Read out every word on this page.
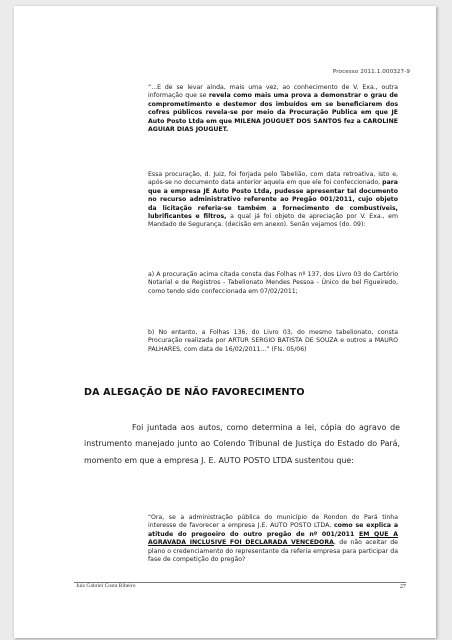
Processo 2011.1.000327-9
“...E de se levar ainda, mais uma vez, ao conhecimento de V. Exa., outra informação que se revela como mais uma prova a demonstrar o grau de comprometimento e destemor dos imbuídos em se beneficiarem dos cofres públicos revela-se por meio da Procuração Publica em que JE Auto Posto Ltda em que MILENA JOUGUET DOS SANTOS fez a CAROLINE AGUIAR DIAS JOUGUET.
Essa procuração, d. Juiz, foi forjada pelo Tabelião, com data retroativa, isto e, após-se no documento data anterior aquela em que ele foi confeccionado, para que a empresa JE Auto Posto Ltda, pudesse apresentar tal documento no recurso administrativo referente ao Pregão 001/2011, cujo objeto da licitação referia-se também a fornecimento de combustíveis, lubrificantes e filtros, a qual já foi objeto de apreciação por V. Exa., em Mandado de Segurança. (decisão em anexo). Senão vejamos (do. 09):
a) A procuração acima citada consta das Folhas nº 137, dos Livro 03 do Cartório Notarial e de Registros - Tabelionato Mendes Pessoa - Único de bel Figueiredo, como tendo sido confeccionada em 07/02/2011;
b) No entanto, a Folhas 136, do Livro 03, do mesmo tabelionato, consta Procuração realizada por ARTUR SERGIO BATISTA DE SOUZA e outros a MAURO PALHARES, com data de 16/02/2011...” (Fls. 05/06)
DA ALEGAÇÃO DE NÃO FAVORECIMENTO
Foi juntada aos autos, como determina a lei, cópia do agravo de instrumento manejado junto ao Colendo Tribunal de Justiça do Estado do Pará, momento em que a empresa J. E. AUTO POSTO LTDA sustentou que:
“Ora, se a administração pública do município de Rondon do Pará tinha interesse de favorecer a empresa J.E. AUTO POSTO LTDA, como se explica a atitude do pregoeiro do outro pregão de nº 001/2011 EM QUE A AGRAVADA INCLUSIVE FOI DECLARADA VENCEDORA, de não aceitar de plano o credenciamento do representante da referia empresa para participar da fase de competição do pregão?
Juiz Gabriel Costa Ribeiro	27
